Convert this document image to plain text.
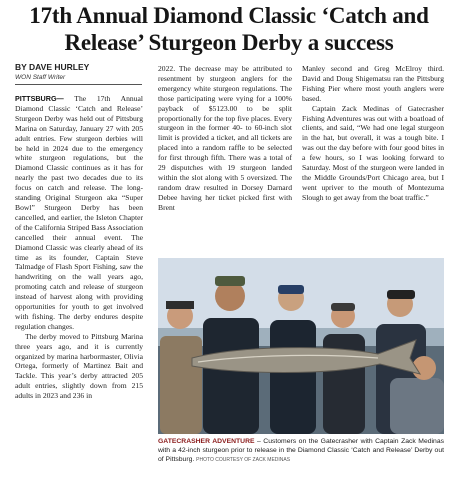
17th Annual Diamond Classic ‘Catch and Release’ Sturgeon Derby a success
BY DAVE HURLEY
WON Staff Writer

PITTSBURG— The 17th Annual Diamond Classic ‘Catch and Release’ Sturgeon Derby was held out of Pittsburg Marina on Saturday, January 27 with 205 adult entries. Few sturgeon derbies will be held in 2024 due to the emergency white sturgeon regulations, but the Diamond Classic continues as it has for nearly the past two decades due to its focus on catch and release. The long-standing Original Sturgeon aka “Super Bowl” Sturgeon Derby has been cancelled, and earlier, the Isleton Chapter of the California Striped Bass Association cancelled their annual event. The Diamond Classic was clearly ahead of its time as its founder, Captain Steve Talmadge of Flash Sport Fishing, saw the handwriting on the wall years ago, promoting catch and release of sturgeon instead of harvest along with providing opportunities for youth to get involved with fishing. The derby endures despite regulation changes.

The derby moved to Pittsburg Marina three years ago, and it is currently organized by marina harbormaster, Olivia Ortega, formerly of Martinez Bait and Tackle. This year’s derby attracted 205 adult entries, slightly down from 215 adults in 2023 and 236 in

2022. The decrease may be attributed to resentment by sturgeon anglers for the emergency white sturgeon regulations. The those participating were vying for a 100% payback of $5123.00 to be split proportionally for the top five places. Every sturgeon in the former 40- to 60-inch slot limit is provided a ticket, and all tickets are placed into a random raffle to be selected for first through fifth. There was a total of 29 disputches with 19 sturgeon landed within the slot along with 5 oversized. The random draw resulted in Dorsey Darnard Debee having her ticket picked first with Brent

Manley second and Greg McElroy third. David and Doug Shigematsu ran the Pittsburg Fishing Pier where most youth anglers were based.

Captain Zack Medinas of Gatecrasher Fishing Adventures was out with a boatload of clients, and said, “We had one legal sturgeon in the hat, but overall, it was a tough bite. I was out the day before with four good bites in a few hours, so I was looking forward to Saturday. Most of the sturgeon were landed in the Middle Grounds/Port Chicago area, but I went upriver to the mouth of Montezuma Slough to get away from the boat traffic.”

GATECRASHER ADVENTURE – Customers on the Gatecrasher with Captain Zack Medinas with a 42-inch sturgeon prior to release in the Diamond Classic ‘Catch and Release’ Derby out of Pittsburg. PHOTO COURTESY OF ZACK MEDINAS
